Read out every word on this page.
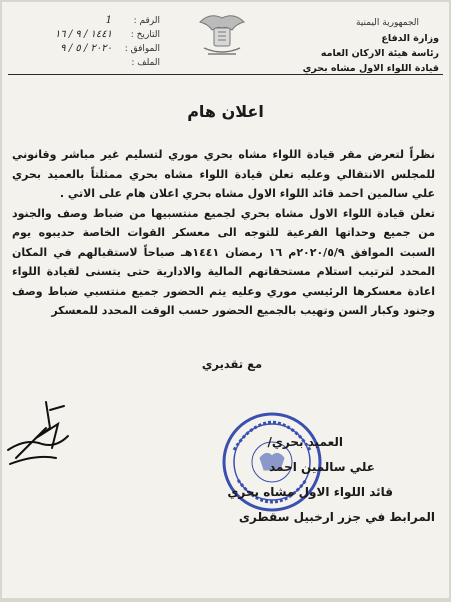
الجمهورية اليمنية
وزارة الدفاع
رئاسة هيئة الاركان العامه
قيادة اللواء الاول مشاه بحري
الرقم :
1
التاريخ :
١٤٤١ / ٩ / ١٦
الموافق :
٢٠٢٠ / ٥ / ٩
الملف :
اعلان هام

نظراً لتعرض مقر قيادة اللواء مشاه بحري موري لتسليم غير مباشر وقانوني للمجلس الانتقالي وعليه تعلن قيادة اللواء مشاه بحري ممثلتاً بالعميد بحري علي سالمين احمد قائد اللواء الاول مشاه بحري اعلان هام على الاتي .

تعلن قيادة اللواء الاول مشاه بحري لجميع منتسبيها من ضباط وصف والجنود من جميع وحداتها الفرعية للتوجه الى معسكر القوات الخاصة حديبوه يوم السبت الموافق ٢٠٢٠/٥/٩م ١٦ رمضان ١٤٤١هـ صباحاً لاستقبالهم في المكان المحدد لترتيب استلام مستحقاتهم المالية والادارية حتى يتسنى لقيادة اللواء اعادة معسكرها الرئيسي موري وعليه يتم الحضور جميع منتسبي ضباط وصف وجنود وكبار السن وتهيب بالجميع الحضور حسب الوقت المحدد للمعسكر

مع تقديري
العميد بحري/
علي سالمين احمد
قائد اللواء الاول مشاه بحري
المرابط في جزر ارخبيل سقطرى
